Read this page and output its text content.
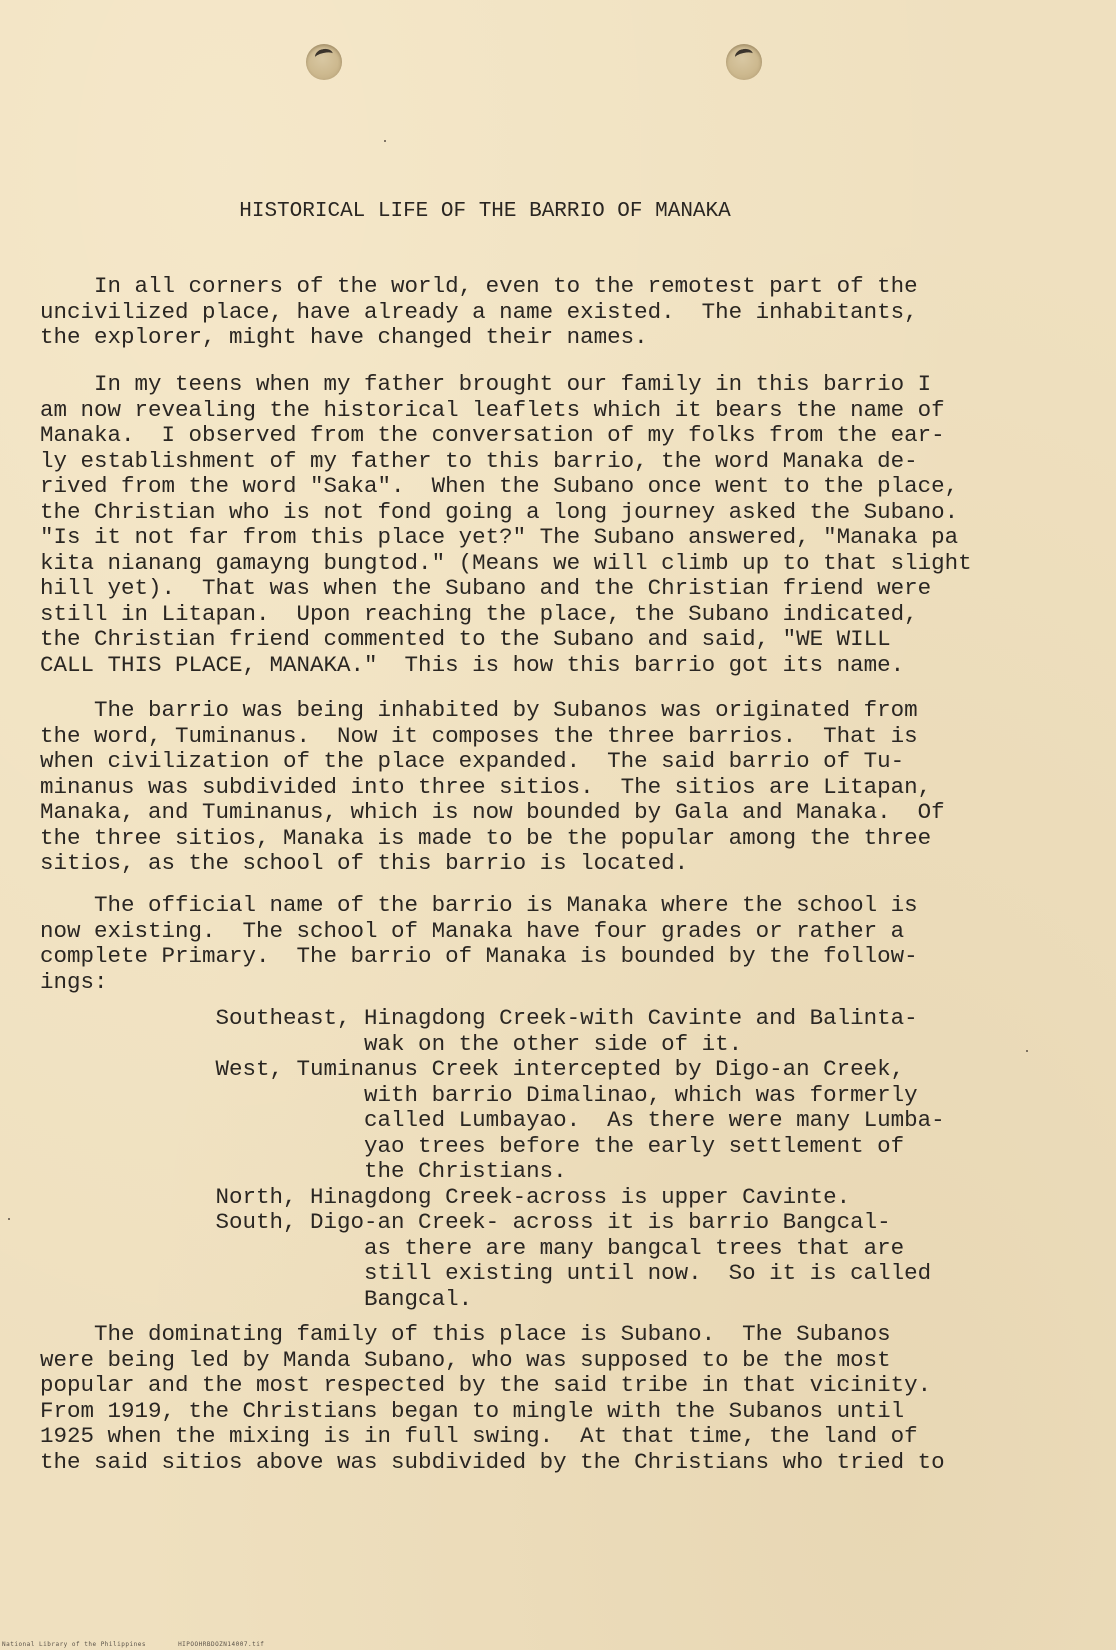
HISTORICAL LIFE OF THE BARRIO OF MANAKA
In all corners of the world, even to the remotest part of the
uncivilized place, have already a name existed.  The inhabitants,
the explorer, might have changed their names.
In my teens when my father brought our family in this barrio I
am now revealing the historical leaflets which it bears the name of
Manaka.  I observed from the conversation of my folks from the ear-
ly establishment of my father to this barrio, the word Manaka de-
rived from the word "Saka".  When the Subano once went to the place,
the Christian who is not fond going a long journey asked the Subano.
"Is it not far from this place yet?" The Subano answered, "Manaka pa
kita nianang gamayng bungtod." (Means we will climb up to that slight
hill yet).  That was when the Subano and the Christian friend were
still in Litapan.  Upon reaching the place, the Subano indicated,
the Christian friend commented to the Subano and said, "WE WILL
CALL THIS PLACE, MANAKA."  This is how this barrio got its name.
The barrio was being inhabited by Subanos was originated from
the word, Tuminanus.  Now it composes the three barrios.  That is
when civilization of the place expanded.  The said barrio of Tu-
minanus was subdivided into three sitios.  The sitios are Litapan,
Manaka, and Tuminanus, which is now bounded by Gala and Manaka.  Of
the three sitios, Manaka is made to be the popular among the three
sitios, as the school of this barrio is located.
The official name of the barrio is Manaka where the school is
now existing.  The school of Manaka have four grades or rather a
complete Primary.  The barrio of Manaka is bounded by the follow-
ings:
Southeast, Hinagdong Creek-with Cavinte and Balinta-
wak on the other side of it.
West, Tuminanus Creek intercepted by Digo-an Creek,
with barrio Dimalinao, which was formerly
called Lumbayao.  As there were many Lumba-
yao trees before the early settlement of
the Christians.
North, Hinagdong Creek-across is upper Cavinte.
South, Digo-an Creek- across it is barrio Bangcal-
as there are many bangcal trees that are
still existing until now.  So it is called
Bangcal.
The dominating family of this place is Subano.  The Subanos
were being led by Manda Subano, who was supposed to be the most
popular and the most respected by the said tribe in that vicinity.
From 1919, the Christians began to mingle with the Subanos until
1925 when the mixing is in full swing.  At that time, the land of
the said sitios above was subdivided by the Christians who tried to
National Library of the Philippines	HIPOOHRBDOZN14007.tif
